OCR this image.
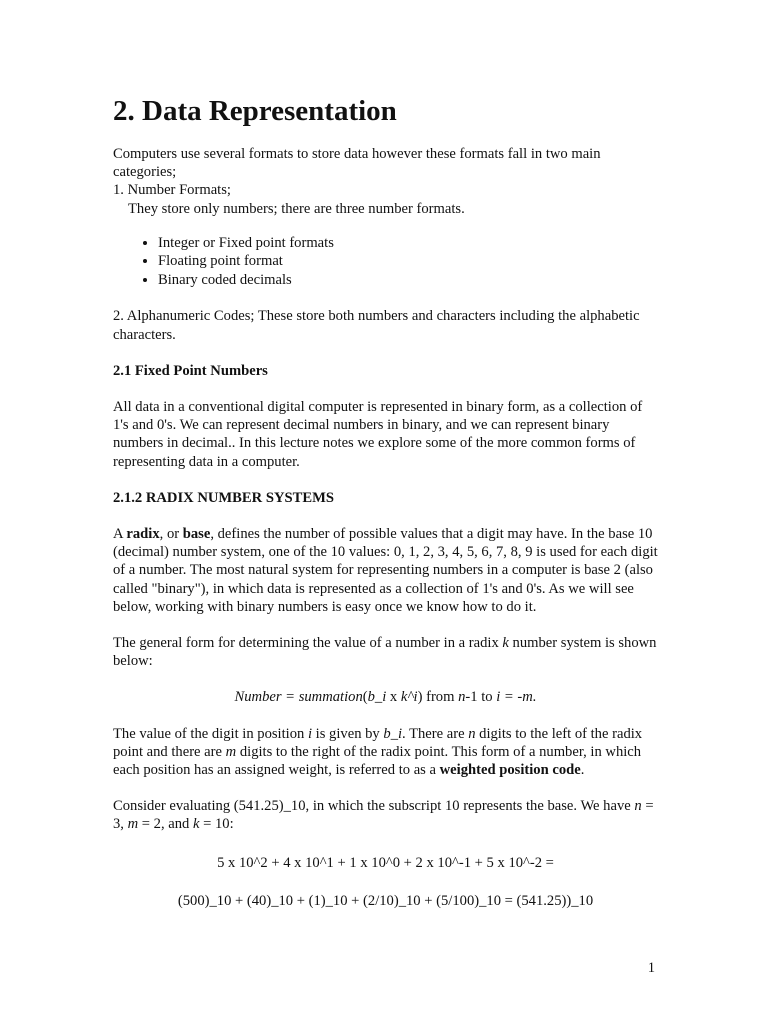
2. Data Representation

Computers use several formats to store data however these formats fall in two main categories;
1. Number Formats;
They store only numbers; there are three number formats.

• Integer or Fixed point formats
• Floating point format
• Binary coded decimals

2. Alphanumeric Codes; These store both numbers and characters including the alphabetic characters.

2.1 Fixed Point Numbers

All data in a conventional digital computer is represented in binary form, as a collection of 1's and 0's. We can represent decimal numbers in binary, and we can represent binary numbers in decimal.. In this lecture notes we explore some of the more common forms of representing data in a computer.

2.1.2 RADIX NUMBER SYSTEMS

A radix, or base, defines the number of possible values that a digit may have. In the base 10 (decimal) number system, one of the 10 values: 0, 1, 2, 3, 4, 5, 6, 7, 8, 9 is used for each digit of a number. The most natural system for representing numbers in a computer is base 2 (also called "binary"), in which data is represented as a collection of 1's and 0's. As we will see below, working with binary numbers is easy once we know how to do it.

The general form for determining the value of a number in a radix k number system is shown below:

Number = summation(b_i x k^i) from n-1 to i = -m.

The value of the digit in position i is given by b_i. There are n digits to the left of the radix point and there are m digits to the right of the radix point. This form of a number, in which each position has an assigned weight, is referred to as a weighted position code.

Consider evaluating (541.25)_10, in which the subscript 10 represents the base. We have n = 3, m = 2, and k = 10:

5 x 10^2 + 4 x 10^1 + 1 x 10^0 + 2 x 10^-1 + 5 x 10^-2 =

(500)_10 + (40)_10 + (1)_10 + (2/10)_10 + (5/100)_10 = (541.25))_10

1
